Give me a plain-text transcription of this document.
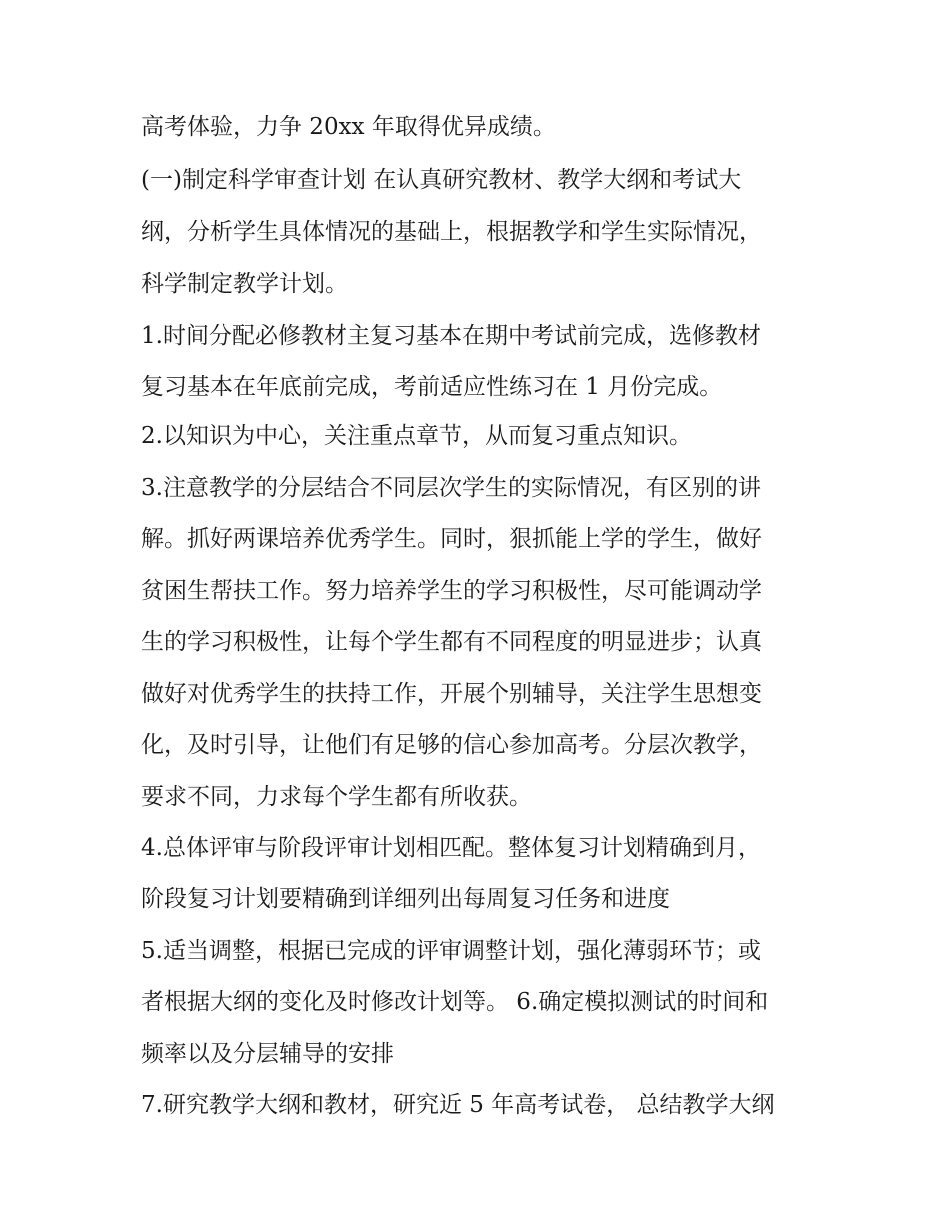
高考体验，力争 20xx 年取得优异成绩。
(一)制定科学审查计划 在认真研究教材、教学大纲和考试大
纲，分析学生具体情况的基础上，根据教学和学生实际情况，
科学制定教学计划。
1.时间分配必修教材主复习基本在期中考试前完成，选修教材
复习基本在年底前完成，考前适应性练习在 1 月份完成。
2.以知识为中心，关注重点章节，从而复习重点知识。
3.注意教学的分层结合不同层次学生的实际情况，有区别的讲
解。抓好两课培养优秀学生。同时，狠抓能上学的学生，做好
贫困生帮扶工作。努力培养学生的学习积极性，尽可能调动学
生的学习积极性，让每个学生都有不同程度的明显进步；认真
做好对优秀学生的扶持工作，开展个别辅导，关注学生思想变
化，及时引导，让他们有足够的信心参加高考。分层次教学，
要求不同，力求每个学生都有所收获。
4.总体评审与阶段评审计划相匹配。整体复习计划精确到月，
阶段复习计划要精确到详细列出每周复习任务和进度
5.适当调整，根据已完成的评审调整计划，强化薄弱环节；或
者根据大纲的变化及时修改计划等。 6.确定模拟测试的时间和
频率以及分层辅导的安排
7.研究教学大纲和教材，研究近 5 年高考试卷， 总结教学大纲
